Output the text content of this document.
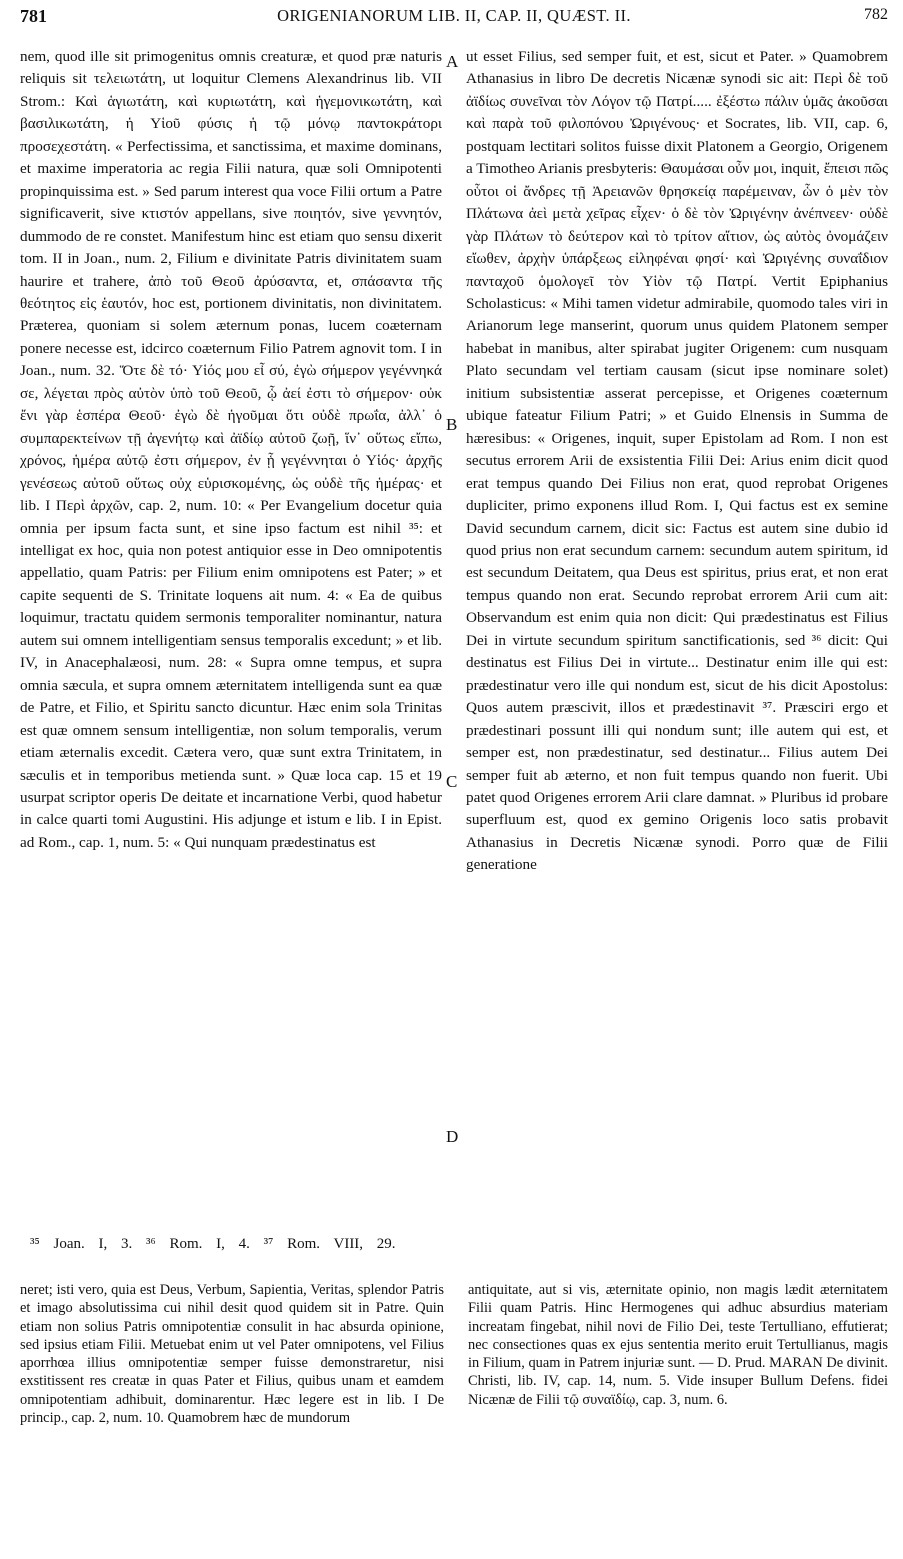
781	ORIGENIANORUM LIB. II, CAP. II, QUÆST. II.	782

nem, quod ille sit primogenitus omnis creaturæ, et quod præ naturis reliquis sit τελειωτάτη, ut loquitur Clemens Alexandrinus lib. VII Strom.: Καὶ ἁγιωτάτη, καὶ κυριωτάτη, καὶ ἡγεμονικωτάτη, καὶ βασιλικωτάτη, ἡ Υἱοῦ φύσις ἡ τῷ μόνῳ παντοκράτορι προσεχεστάτη. « Perfectissima, et sanctissima, et maxime dominans, et maxime imperatoria ac regia Filii natura, quæ soli Omnipotenti propinquissima est. » Sed parum interest qua voce Filii ortum a Patre significaverit, sive κτιστόν appellans, sive ποιητόν, sive γεννητόν, dummodo de re constet. Manifestum hinc est etiam quo sensu dixerit tom. II in Joan., num. 2, Filium e divinitate Patris divinitatem suam haurire et trahere, ἀπὸ τοῦ Θεοῦ ἀρύσαντα, et, σπάσαντα τῆς θεότητος εἰς ἑαυτόν, hoc est, portionem divinitatis, non divinitatem. Præterea, quoniam si solem æternum ponas, lucem coæternam ponere necesse est, idcirco coæternum Filio Patrem agnovit tom. I in Joan., num. 32. Ὅτε δὲ τό· Υἱός μου εἶ σύ, ἐγὼ σήμερον γεγέννηκά σε, λέγεται πρὸς αὐτὸν ὑπὸ τοῦ Θεοῦ, ᾧ ἀεί ἐστι τὸ σήμερον· οὐκ ἔνι γὰρ ἑσπέρα Θεοῦ· ἐγὼ δὲ ἡγοῦμαι ὅτι οὐδὲ πρωΐα, ἀλλ᾽ ὁ συμπαρεκτείνων τῇ ἀγενήτῳ καὶ ἀϊδίῳ αὐτοῦ ζωῇ, ἵν᾽ οὕτως εἴπω, χρόνος, ἡμέρα αὐτῷ ἐστι σήμερον, ἐν ᾗ γεγέννηται ὁ Υἱός· ἀρχῆς γενέσεως αὐτοῦ οὕτως οὐχ εὑρισκομένης, ὡς οὐδὲ τῆς ἡμέρας· et lib. I Περὶ ἀρχῶν, cap. 2, num. 10: « Per Evangelium docetur quia omnia per ipsum facta sunt, et sine ipso factum est nihil ³⁵: et intelligat ex hoc, quia non potest antiquior esse in Deo omnipotentis appellatio, quam Patris: per Filium enim omnipotens est Pater; » et capite sequenti de S. Trinitate loquens ait num. 4: « Ea de quibus loquimur, tractatu quidem sermonis temporaliter nominantur, natura autem sui omnem intelligentiam sensus temporalis excedunt; » et lib. IV, in Anacephalæosi, num. 28: « Supra omne tempus, et supra omnia sæcula, et supra omnem æternitatem intelligenda sunt ea quæ de Patre, et Filio, et Spiritu sancto dicuntur. Hæc enim sola Trinitas est quæ omnem sensum intelligentiæ, non solum temporalis, verum etiam æternalis excedit. Cætera vero, quæ sunt extra Trinitatem, in sæculis et in temporibus metienda sunt. » Quæ loca cap. 15 et 19 usurpat scriptor operis De deitate et incarnatione Verbi, quod habetur in calce quarti tomi Augustini. His adjunge et istum e lib. I in Epist. ad Rom., cap. 1, num. 5: « Qui nunquam prædestinatus est

ut esset Filius, sed semper fuit, et est, sicut et Pater. » Quamobrem Athanasius in libro De decretis Nicænæ synodi sic ait: Περὶ δὲ τοῦ ἀϊδίως συνεῖναι τὸν Λόγον τῷ Πατρί..... ἐξέστω πάλιν ὑμᾶς ἀκοῦσαι καὶ παρὰ τοῦ φιλοπόνου Ὠριγένους· et Socrates, lib. VII, cap. 6, postquam lectitari solitos fuisse dixit Platonem a Georgio, Origenem a Timotheo Arianis presbyteris: Θαυμάσαι οὖν μοι, inquit, ἔπεισι πῶς οὗτοι οἱ ἄνδρες τῇ Ἀρειανῶν θρησκείᾳ παρέμειναν, ὧν ὁ μὲν τὸν Πλάτωνα ἀεὶ μετὰ χεῖρας εἶχεν· ὁ δὲ τὸν Ὠριγένην ἀνέπνεεν· οὐδὲ γὰρ Πλάτων τὸ δεύτερον καὶ τὸ τρίτον αἴτιον, ὡς αὐτὸς ὀνομάζειν εἴωθεν, ἀρχὴν ὑπάρξεως εἰληφέναι φησί· καὶ Ὠριγένης συναΐδιον πανταχοῦ ὁμολογεῖ τὸν Υἱὸν τῷ Πατρί. Vertit Epiphanius Scholasticus: « Mihi tamen videtur admirabile, quomodo tales viri in Arianorum lege manserint, quorum unus quidem Platonem semper habebat in manibus, alter spirabat jugiter Origenem: cum nusquam Plato secundam vel tertiam causam (sicut ipse nominare solet) initium subsistentiæ asserat percepisse, et Origenes coæternum ubique fateatur Filium Patri; » et Guido Elnensis in Summa de hæresibus: « Origenes, inquit, super Epistolam ad Rom. I non est secutus errorem Arii de exsistentia Filii Dei: Arius enim dicit quod erat tempus quando Dei Filius non erat, quod reprobat Origenes dupliciter, primo exponens illud Rom. I, Qui factus est ex semine David secundum carnem, dicit sic: Factus est autem sine dubio id quod prius non erat secundum carnem: secundum autem spiritum, id est secundum Deitatem, qua Deus est spiritus, prius erat, et non erat tempus quando non erat. Secundo reprobat errorem Arii cum ait: Observandum est enim quia non dicit: Qui prædestinatus est Filius Dei in virtute secundum spiritum sanctificationis, sed ³⁶ dicit: Qui destinatus est Filius Dei in virtute... Destinatur enim ille qui est: prædestinatur vero ille qui nondum est, sicut de his dicit Apostolus: Quos autem præscivit, illos et prædestinavit ³⁷. Præsciri ergo et prædestinari possunt illi qui nondum sunt; ille autem qui est, et semper est, non prædestinatur, sed destinatur... Filius autem Dei semper fuit ab æterno, et non fuit tempus quando non fuerit. Ubi patet quod Origenes errorem Arii clare damnat. » Pluribus id probare superfluum est, quod ex gemino Origenis loco satis probavit Athanasius in Decretis Nicænæ synodi. Porro quæ de Filii generatione

A
B
C
D
³⁵ Joan. I, 3. ³⁶ Rom. I, 4. ³⁷ Rom. VIII, 29.

neret; isti vero, quia est Deus, Verbum, Sapientia, Veritas, splendor Patris et imago absolutissima cui nihil desit quod quidem sit in Patre. Quin etiam non solius Patris omnipotentiæ consulit in hac absurda opinione, sed ipsius etiam Filii. Metuebat enim ut vel Pater omnipotens, vel Filius aporrhœa illius omnipotentiæ semper fuisse demonstraretur, nisi exstitissent res creatæ in quas Pater et Filius, quibus unam et eamdem omnipotentiam adhibuit, dominarentur. Hæc legere est in lib. I De princip., cap. 2, num. 10. Quamobrem hæc de mundorum

antiquitate, aut si vis, æternitate opinio, non magis lædit æternitatem Filii quam Patris. Hinc Hermogenes qui adhuc absurdius materiam increatam fingebat, nihil novi de Filio Dei, teste Tertulliano, effutierat; nec consectiones quas ex ejus sententia merito eruit Tertullianus, magis in Filium, quam in Patrem injuriæ sunt. — D. Prud. MARAN De divinit. Christi, lib. IV, cap. 14, num. 5. Vide insuper Bullum Defens. fidei Nicænæ de Filii τῷ συναϊδίῳ, cap. 3, num. 6.
